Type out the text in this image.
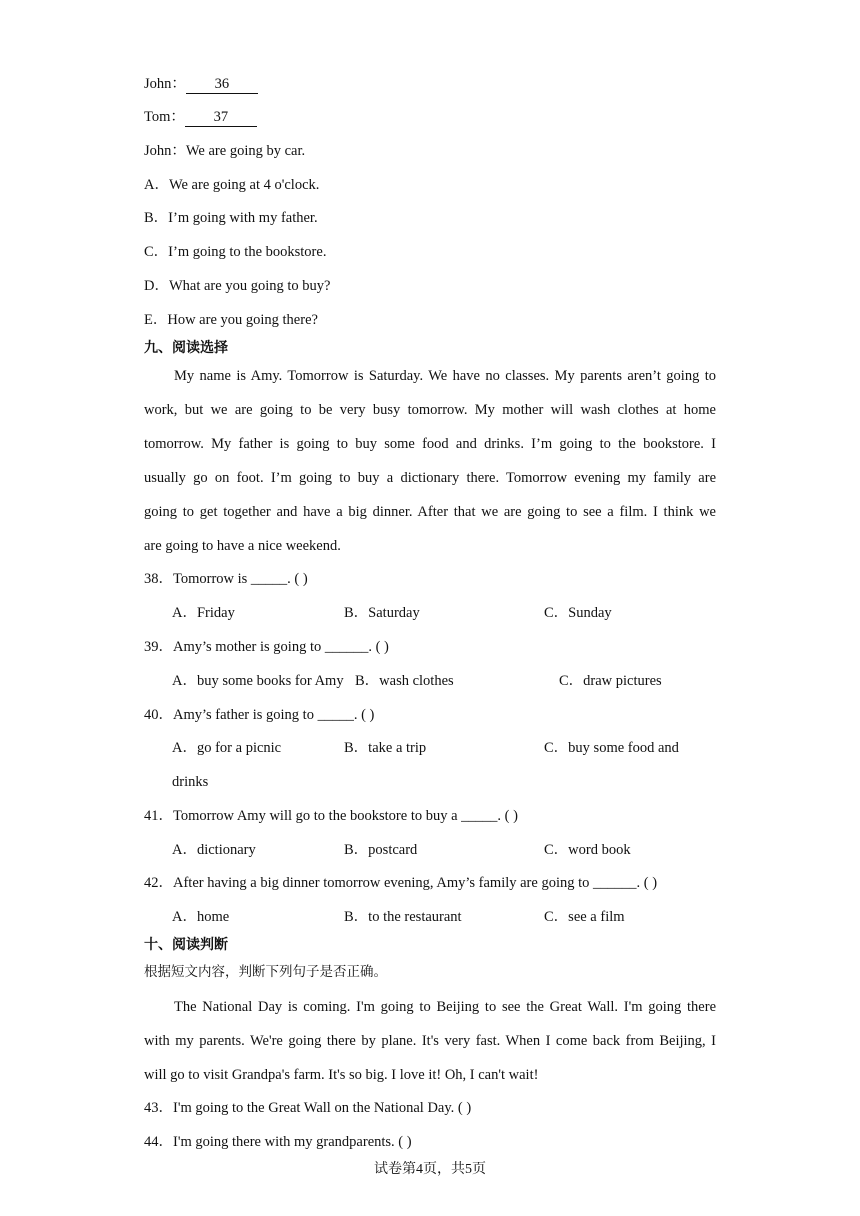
John： 36
Tom： 37
John：We are going by car.
A．We are going at 4 o'clock.
B．I’m going with my father.
C．I’m going to the bookstore.
D．What are you going to buy?
E．How are you going there?
九、阅读选择
My name is Amy. Tomorrow is Saturday. We have no classes. My parents aren’t going to
work, but we are going to be very busy tomorrow. My mother will wash clothes at home
tomorrow. My father is going to buy some food and drinks. I’m going to the bookstore. I
usually go on foot. I’m going to buy a dictionary there. Tomorrow evening my family are
going to get together and have a big dinner. After that we are going to see a film. I think we
are going to have a nice weekend.
38．Tomorrow is _____. ( )
A．Friday	B．Saturday	C．Sunday
39．Amy’s mother is going to ______. ( )
A．buy some books for Amy B．wash clothes	C．draw pictures
40．Amy’s father is going to _____. ( )
A．go for a picnic	B．take a trip	C．buy some food and
drinks
41．Tomorrow Amy will go to the bookstore to buy a _____. ( )
A．dictionary	B．postcard	C．word book
42．After having a big dinner tomorrow evening, Amy’s family are going to ______. ( )
A．home	B．to the restaurant	C．see a film
十、阅读判断
根据短文内容，判断下列句子是否正确。
The National Day is coming. I'm going to Beijing to see the Great Wall. I'm going there
with my parents. We're going there by plane. It's very fast. When I come back from Beijing, I
will go to visit Grandpa's farm. It's so big. I love it! Oh, I can't wait!
43．I'm going to the Great Wall on the National Day. ( )
44．I'm going there with my grandparents. ( )
试卷第4页，共5页
